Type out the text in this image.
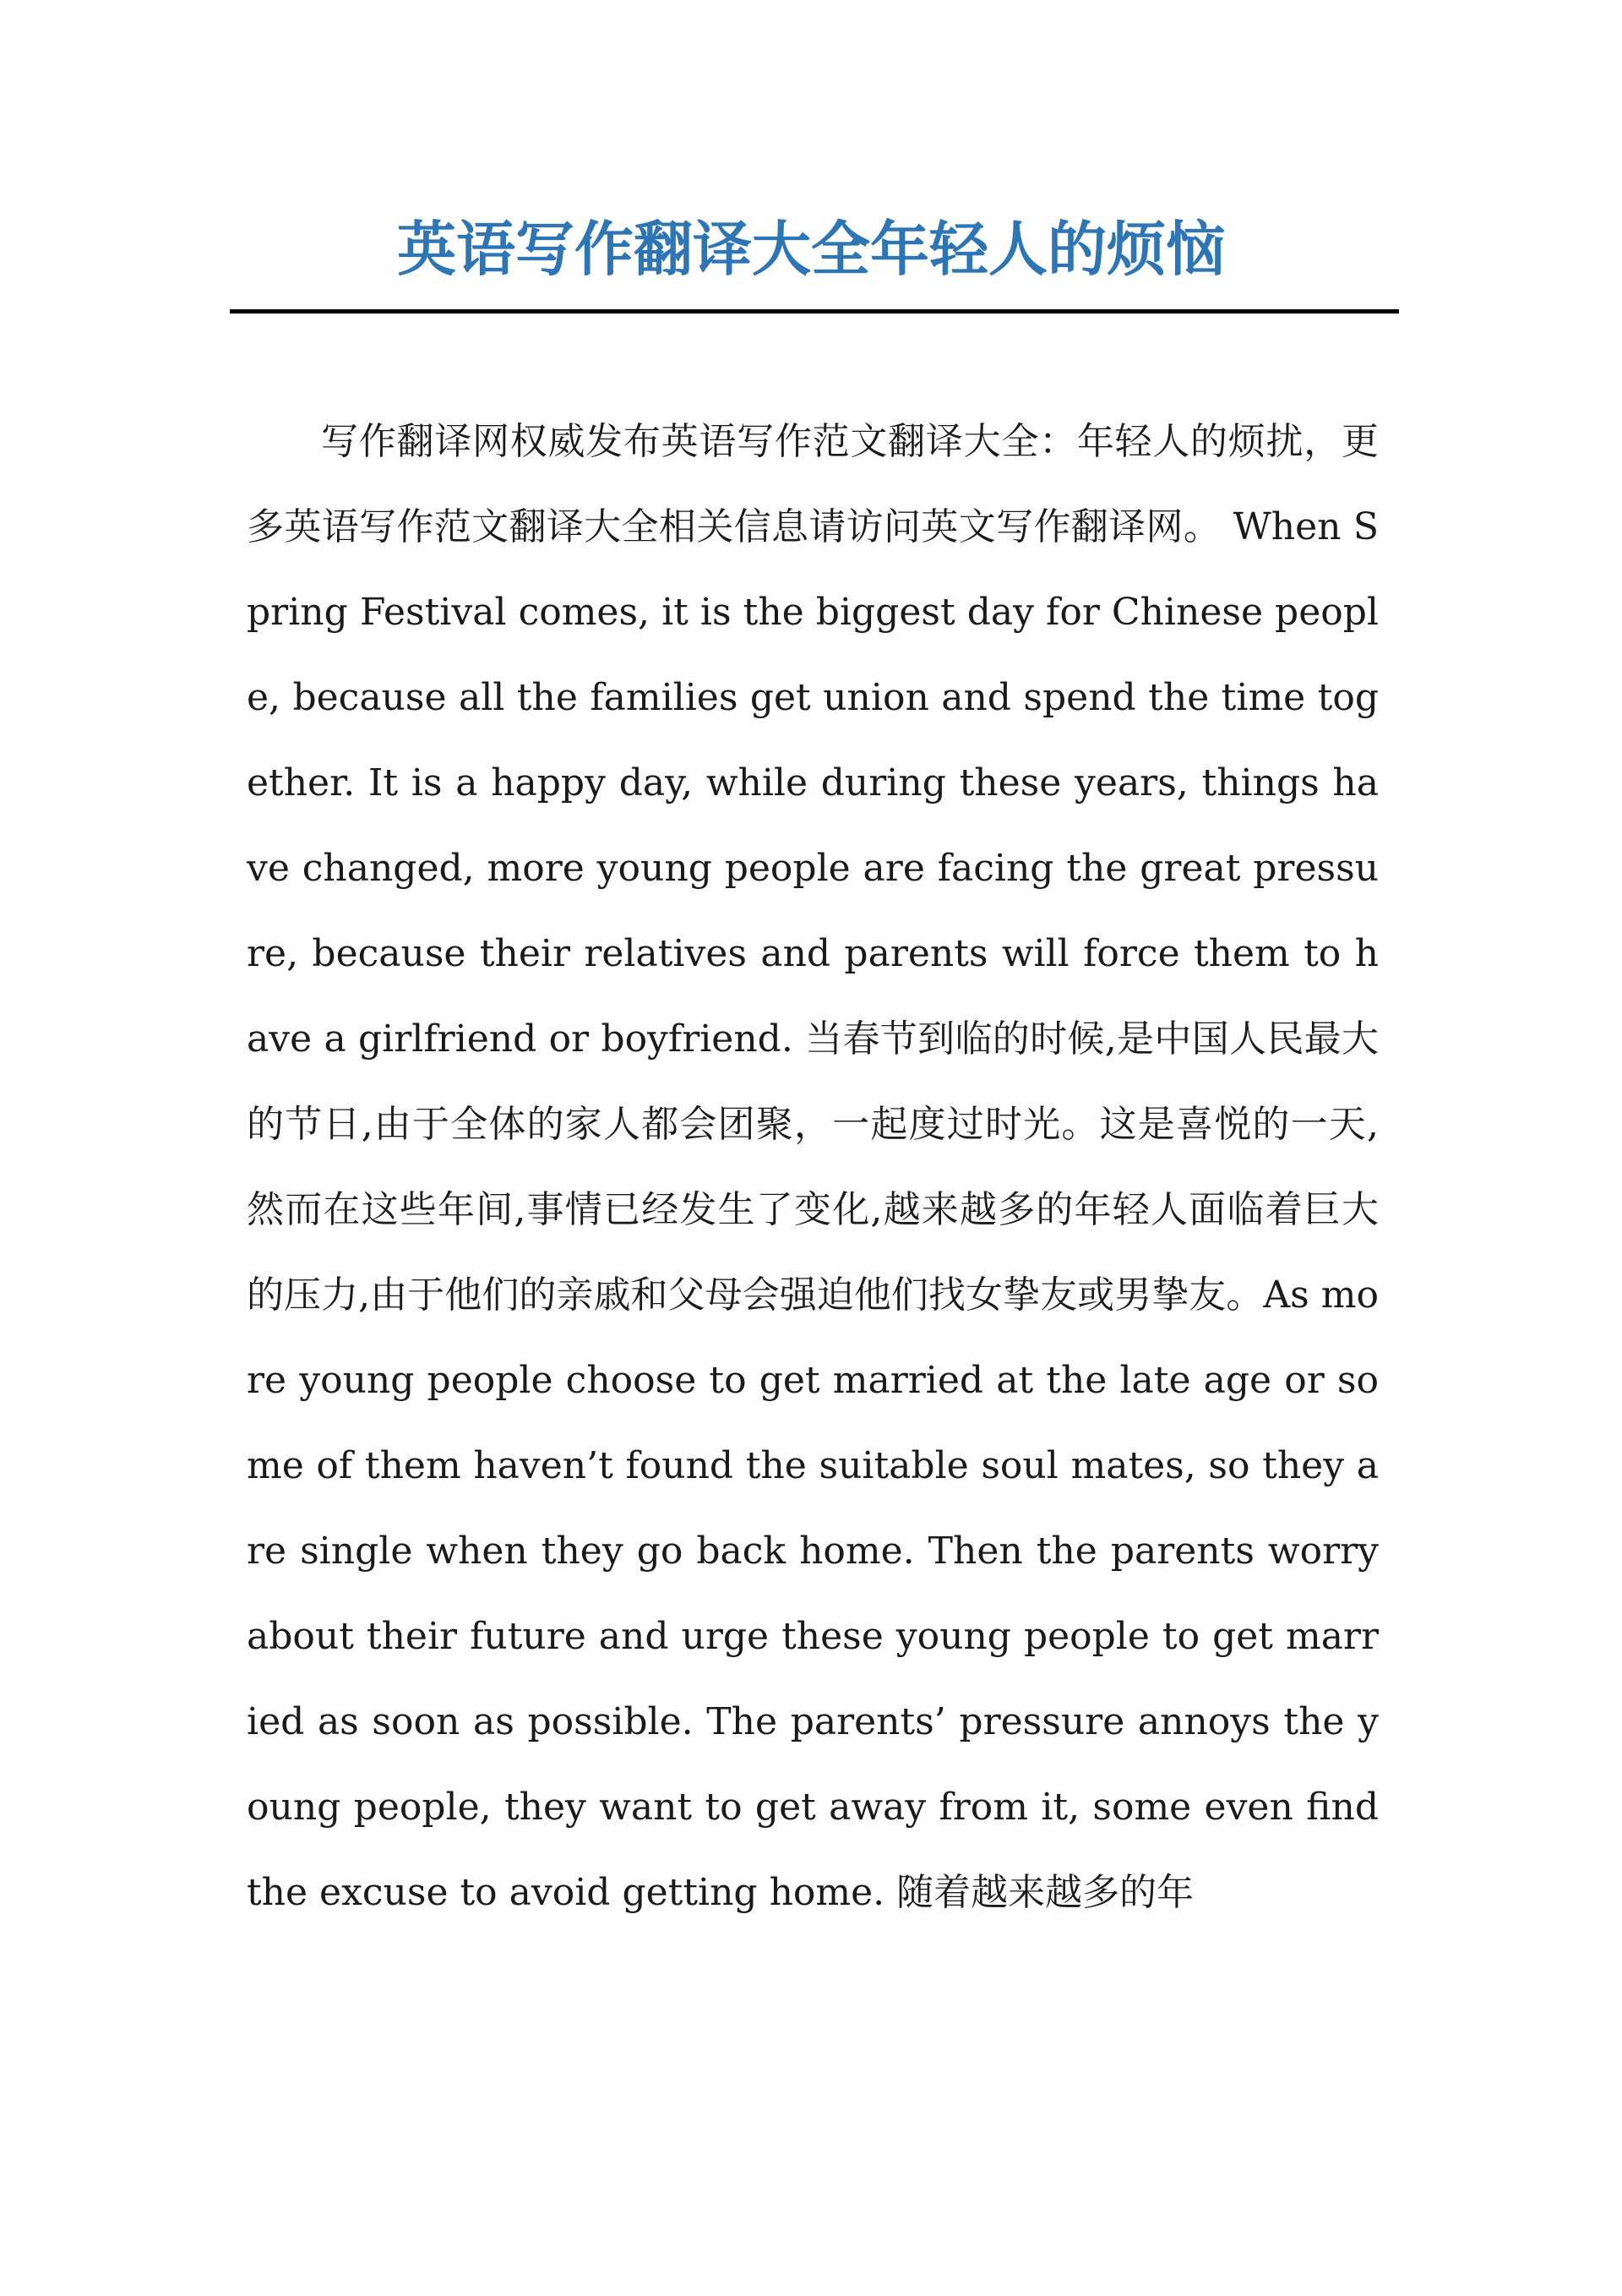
英语写作翻译大全年轻人的烦恼

写作翻译网权威发布英语写作范文翻译大全：年轻人的烦扰，更多英语写作范文翻译大全相关信息请访问英文写作翻译网。 When Spring Festival comes, it is the biggest day for Chinese people, because all the families get union and spend the time together. It is a happy day, while during these years, things have changed, more young people are facing the great pressure, because their relatives and parents will force them to have a girlfriend or boyfriend. 当春节到临的时候,是中国人民最大的节日,由于全体的家人都会团聚，一起度过时光。这是喜悦的一天,然而在这些年间,事情已经发生了变化,越来越多的年轻人面临着巨大的压力,由于他们的亲戚和父母会强迫他们找女挚友或男挚友。As more young people choose to get married at the late age or some of them haven’t found the suitable soul mates, so they are single when they go back home. Then the parents worry about their future and urge these young people to get married as soon as possible. The parents’ pressure annoys the young people, they want to get away from it, some even find the excuse to avoid getting home. 随着越来越多的年
